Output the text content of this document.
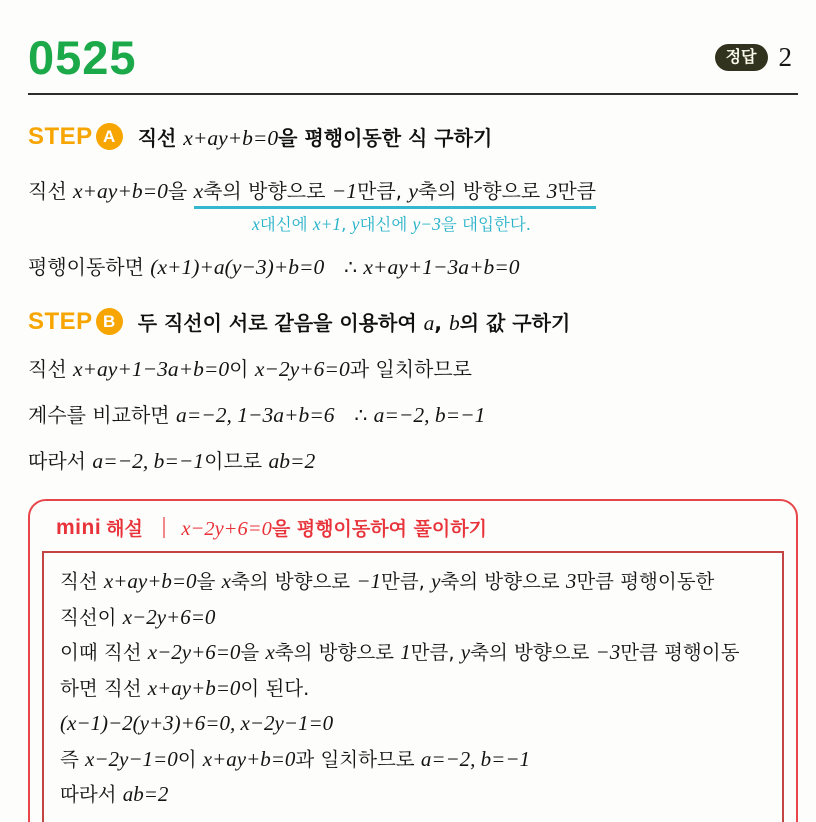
0525	정답 2
STEP A	직선 x+ay+b=0을 평행이동한 식 구하기

직선 x+ay+b=0을 x축의 방향으로 −1만큼, y축의 방향으로 3만큼

x대신에 x+1, y대신에 y−3을 대입한다.

평행이동하면 (x+1)+a(y−3)+b=0 ∴ x+ay+1−3a+b=0

STEP B	두 직선이 서로 같음을 이용하여 a, b의 값 구하기

직선 x+ay+1−3a+b=0이 x−2y+6=0과 일치하므로

계수를 비교하면 a=−2, 1−3a+b=6 ∴ a=−2, b=−1

따라서 a=−2, b=−1이므로 ab=2

mini 해설 x−2y+6=0을 평행이동하여 풀이하기

직선 x+ay+b=0을 x축의 방향으로 −1만큼, y축의 방향으로 3만큼 평행이동한

직선이 x−2y+6=0

이때 직선 x−2y+6=0을 x축의 방향으로 1만큼, y축의 방향으로 −3만큼 평행이동

하면 직선 x+ay+b=0이 된다.

(x−1)−2(y+3)+6=0, x−2y−1=0

즉 x−2y−1=0이 x+ay+b=0과 일치하므로 a=−2, b=−1

따라서 ab=2
